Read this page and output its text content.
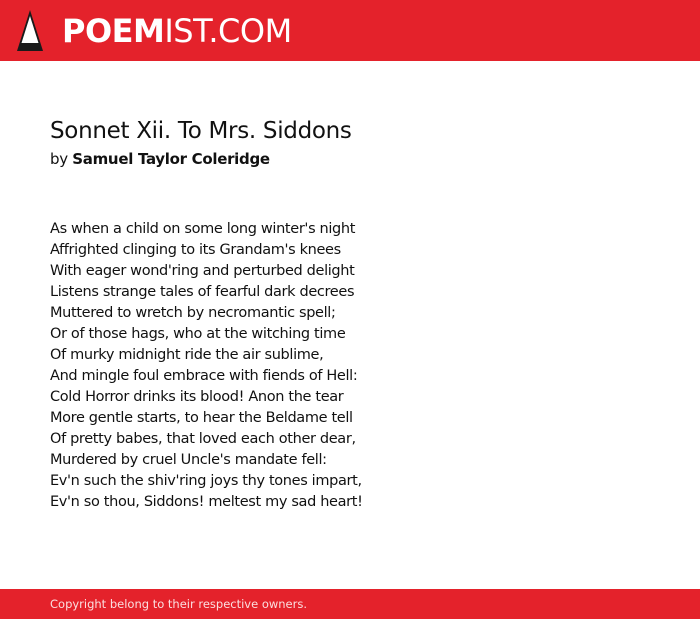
POEMIST.COM
Sonnet Xii. To Mrs. Siddons
by Samuel Taylor Coleridge
As when a child on some long winter's night
Affrighted clinging to its Grandam's knees
With eager wond'ring and perturbed delight
Listens strange tales of fearful dark decrees
Muttered to wretch by necromantic spell;
Or of those hags, who at the witching time
Of murky midnight ride the air sublime,
And mingle foul embrace with fiends of Hell:
Cold Horror drinks its blood! Anon the tear
More gentle starts, to hear the Beldame tell
Of pretty babes, that loved each other dear,
Murdered by cruel Uncle's mandate fell:
Ev'n such the shiv'ring joys thy tones impart,
Ev'n so thou, Siddons! meltest my sad heart!
Copyright belong to their respective owners.
